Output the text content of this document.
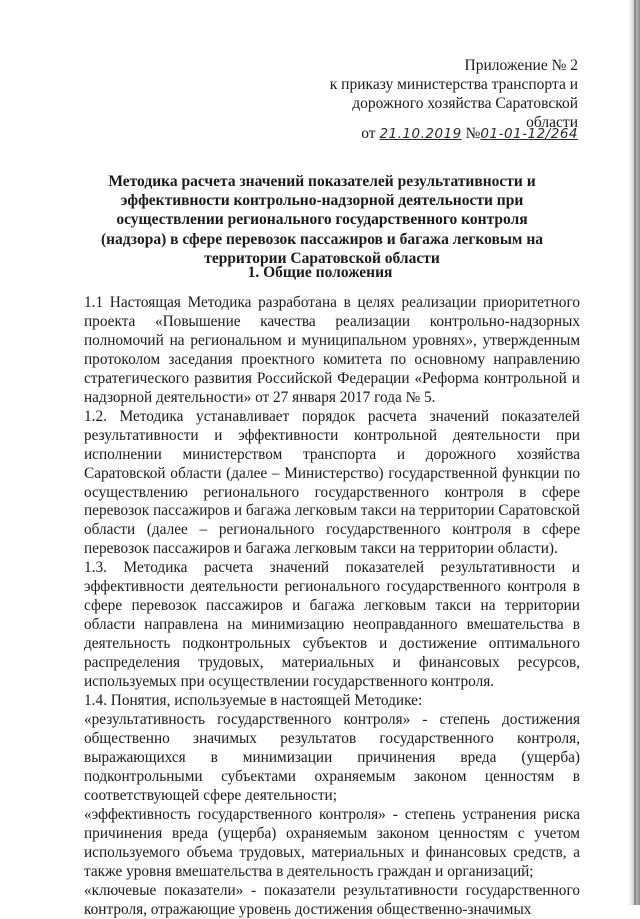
Приложение № 2
к приказу министерства транспорта и
дорожного хозяйства Саратовской области
от 21.10.2019 №01-01-12/264
Методика расчета значений показателей результативности и эффективности контрольно-надзорной деятельности при осуществлении регионального государственного контроля (надзора) в сфере перевозок пассажиров и багажа легковым на территории Саратовской области
1. Общие положения

1.1 Настоящая Методика разработана в целях реализации приоритетного проекта «Повышение качества реализации контрольно-надзорных полномочий на региональном и муниципальном уровнях», утвержденным протоколом заседания проектного комитета по основному направлению стратегического развития Российской Федерации «Реформа контрольной и надзорной деятельности» от 27 января 2017 года № 5.

1.2. Методика устанавливает порядок расчета значений показателей результативности и эффективности контрольной деятельности при исполнении министерством транспорта и дорожного хозяйства Саратовской области (далее – Министерство) государственной функции по осуществлению регионального государственного контроля в сфере перевозок пассажиров и багажа легковым такси на территории Саратовской области (далее – регионального государственного контроля в сфере перевозок пассажиров и багажа легковым такси на территории области).

1.3. Методика расчета значений показателей результативности и эффективности деятельности регионального государственного контроля в сфере перевозок пассажиров и багажа легковым такси на территории области направлена на минимизацию неоправданного вмешательства в деятельность подконтрольных субъектов и достижение оптимального распределения трудовых, материальных и финансовых ресурсов, используемых при осуществлении государственного контроля.

1.4. Понятия, используемые в настоящей Методике:

«результативность государственного контроля» - степень достижения общественно значимых результатов государственного контроля, выражающихся в минимизации причинения вреда (ущерба) подконтрольными субъектами охраняемым законом ценностям в соответствующей сфере деятельности;

«эффективность государственного контроля» - степень устранения риска причинения вреда (ущерба) охраняемым законом ценностям с учетом используемого объема трудовых, материальных и финансовых средств, а также уровня вмешательства в деятельность граждан и организаций;

«ключевые показатели» - показатели результативности государственного контроля, отражающие уровень достижения общественно-значимых
